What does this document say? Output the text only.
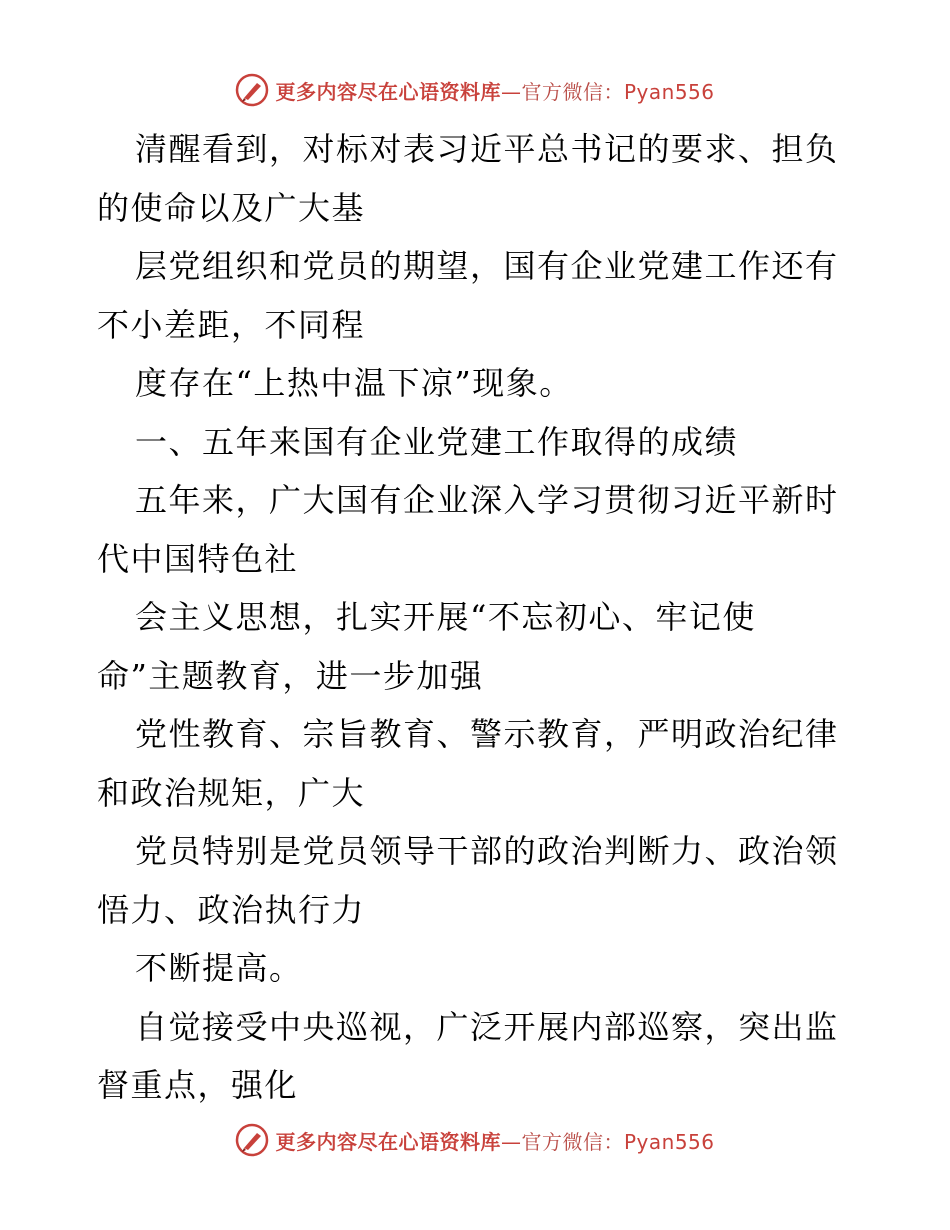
更多内容尽在心语资料库—官方微信：Pyan556
清醒看到，对标对表习近平总书记的要求、担负
的使命以及广大基
层党组织和党员的期望，国有企业党建工作还有
不小差距，不同程
度存在“上热中温下凉”现象。
一、五年来国有企业党建工作取得的成绩
五年来，广大国有企业深入学习贯彻习近平新时
代中国特色社
会主义思想，扎实开展“不忘初心、牢记使
命”主题教育，进一步加强
党性教育、宗旨教育、警示教育，严明政治纪律
和政治规矩，广大
党员特别是党员领导干部的政治判断力、政治领
悟力、政治执行力
不断提高。
自觉接受中央巡视，广泛开展内部巡察，突出监
督重点，强化
更多内容尽在心语资料库—官方微信：Pyan556
